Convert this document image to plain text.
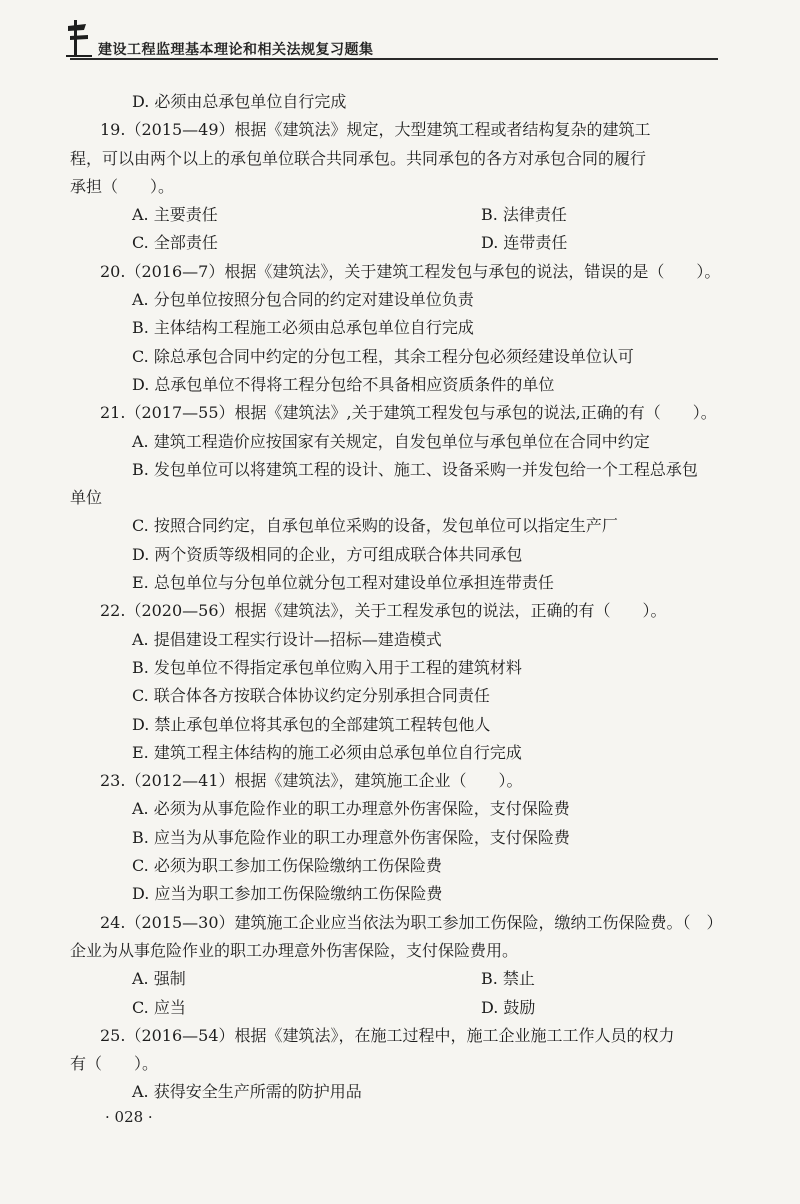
建设工程监理基本理论和相关法规复习题集
D. 必须由总承包单位自行完成
19.（2015—49）根据《建筑法》规定，大型建筑工程或者结构复杂的建筑工
程，可以由两个以上的承包单位联合共同承包。共同承包的各方对承包合同的履行
承担（　　）。
A. 主要责任	B. 法律责任
C. 全部责任	D. 连带责任
20.（2016—7）根据《建筑法》，关于建筑工程发包与承包的说法，错误的是（　　）。
A. 分包单位按照分包合同的约定对建设单位负责
B. 主体结构工程施工必须由总承包单位自行完成
C. 除总承包合同中约定的分包工程，其余工程分包必须经建设单位认可
D. 总承包单位不得将工程分包给不具备相应资质条件的单位
21.（2017—55）根据《建筑法》,关于建筑工程发包与承包的说法,正确的有（　　）。
A. 建筑工程造价应按国家有关规定，自发包单位与承包单位在合同中约定
B. 发包单位可以将建筑工程的设计、施工、设备采购一并发包给一个工程总承包
单位
C. 按照合同约定，自承包单位采购的设备，发包单位可以指定生产厂
D. 两个资质等级相同的企业，方可组成联合体共同承包
E. 总包单位与分包单位就分包工程对建设单位承担连带责任
22.（2020—56）根据《建筑法》，关于工程发承包的说法，正确的有（　　）。
A. 提倡建设工程实行设计—招标—建造模式
B. 发包单位不得指定承包单位购入用于工程的建筑材料
C. 联合体各方按联合体协议约定分别承担合同责任
D. 禁止承包单位将其承包的全部建筑工程转包他人
E. 建筑工程主体结构的施工必须由总承包单位自行完成
23.（2012—41）根据《建筑法》，建筑施工企业（　　）。
A. 必须为从事危险作业的职工办理意外伤害保险，支付保险费
B. 应当为从事危险作业的职工办理意外伤害保险，支付保险费
C. 必须为职工参加工伤保险缴纳工伤保险费
D. 应当为职工参加工伤保险缴纳工伤保险费
24.（2015—30）建筑施工企业应当依法为职工参加工伤保险，缴纳工伤保险费。（　）
企业为从事危险作业的职工办理意外伤害保险，支付保险费用。
A. 强制	B. 禁止
C. 应当	D. 鼓励
25.（2016—54）根据《建筑法》，在施工过程中，施工企业施工工作人员的权力
有（　　）。
A. 获得安全生产所需的防护用品
· 028 ·
